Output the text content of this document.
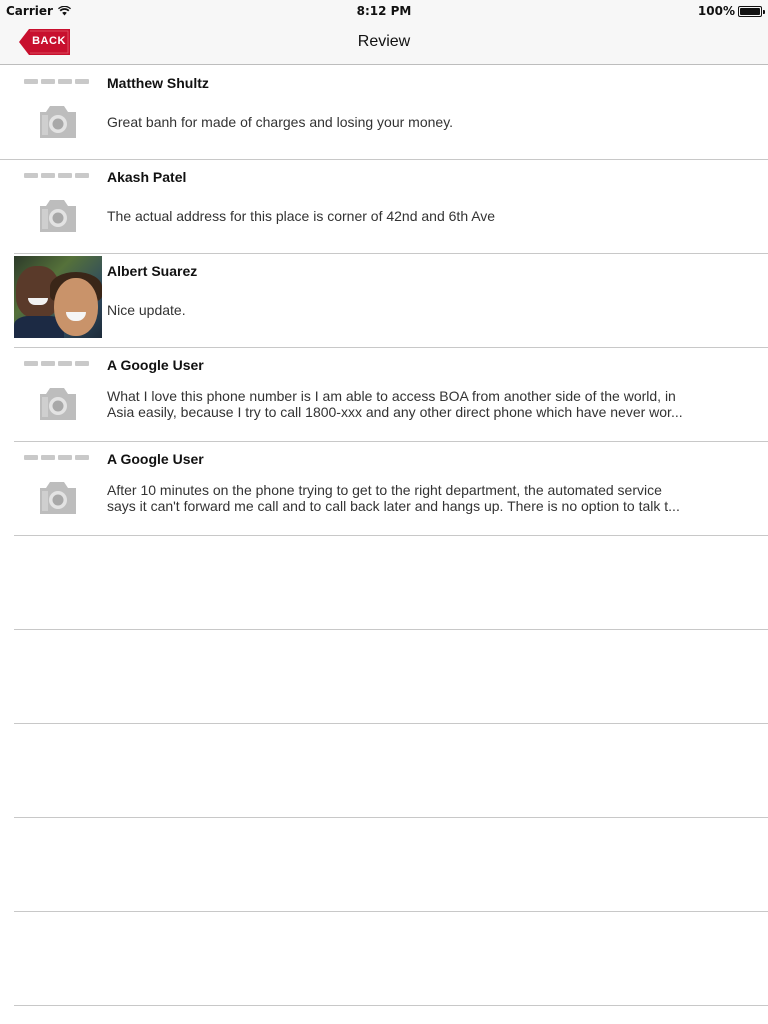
Carrier	8:12 PM	100%
BACK	Review
Matthew Shultz
Great banh for made of charges and losing your money.
Akash Patel
The actual address for this place is corner of 42nd and 6th Ave
Albert Suarez
Nice update.
A Google User
What I love this phone number is I am able to access BOA from another side of the world, in
Asia easily, because I try to call 1800-xxx and any other direct phone which have never wor...
A Google User
After 10 minutes on the phone trying to get to the right department, the automated service
says it can't forward me call and to call back later and hangs up. There is no option to talk t...
